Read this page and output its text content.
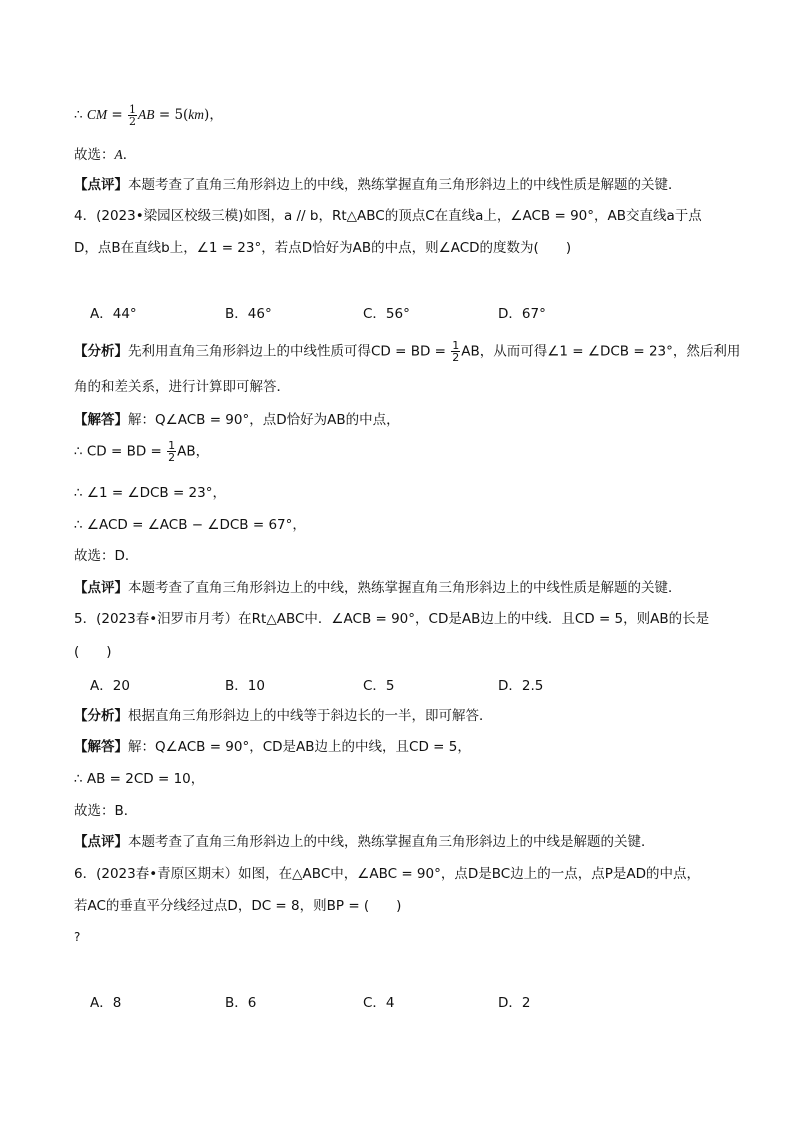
∴ CM = $\frac{1}{2}$ AB = 5(km)，
故选：A．
【点评】本题考查了直角三角形斜边上的中线，熟练掌握直角三角形斜边上的中线性质是解题的关键．
4．(2023•梁园区校级三模)如图，a // b，Rt△ABC的顶点C在直线a上，∠ACB = 90°，AB交直线a于点
D，点B在直线b上，∠1 = 23°，若点D恰好为AB的中点，则∠ACD的度数为(　　)
A．44°	B．46°	C．56°	D．67°
【分析】先利用直角三角形斜边上的中线性质可得CD = BD = $\frac{1}{2}$ AB，从而可得∠1 = ∠DCB = 23°，然后利用
角的和差关系，进行计算即可解答．
【解答】解：Q∠ACB = 90°，点D恰好为AB的中点，
∴ CD = BD = $\frac{1}{2}$ AB，
∴ ∠1 = ∠DCB = 23°，
∴ ∠ACD = ∠ACB − ∠DCB = 67°，
故选：D．
【点评】本题考查了直角三角形斜边上的中线，熟练掌握直角三角形斜边上的中线性质是解题的关键．
5．(2023春•汨罗市月考）在Rt△ABC中．∠ACB = 90°，CD是AB边上的中线．且CD = 5，则AB的长是
(　　)
A．20	B．10	C．5	D．2.5
【分析】根据直角三角形斜边上的中线等于斜边长的一半，即可解答．
【解答】解：Q∠ACB = 90°，CD是AB边上的中线，且CD = 5，
∴ AB = 2CD = 10，
故选：B．
【点评】本题考查了直角三角形斜边上的中线，熟练掌握直角三角形斜边上的中线是解题的关键．
6．(2023春•青原区期末）如图，在△ABC中，∠ABC = 90°，点D是BC边上的一点，点P是AD的中点，
若AC的垂直平分线经过点D，DC = 8，则BP = (　　)
?
A．8	B．6	C．4	D．2
